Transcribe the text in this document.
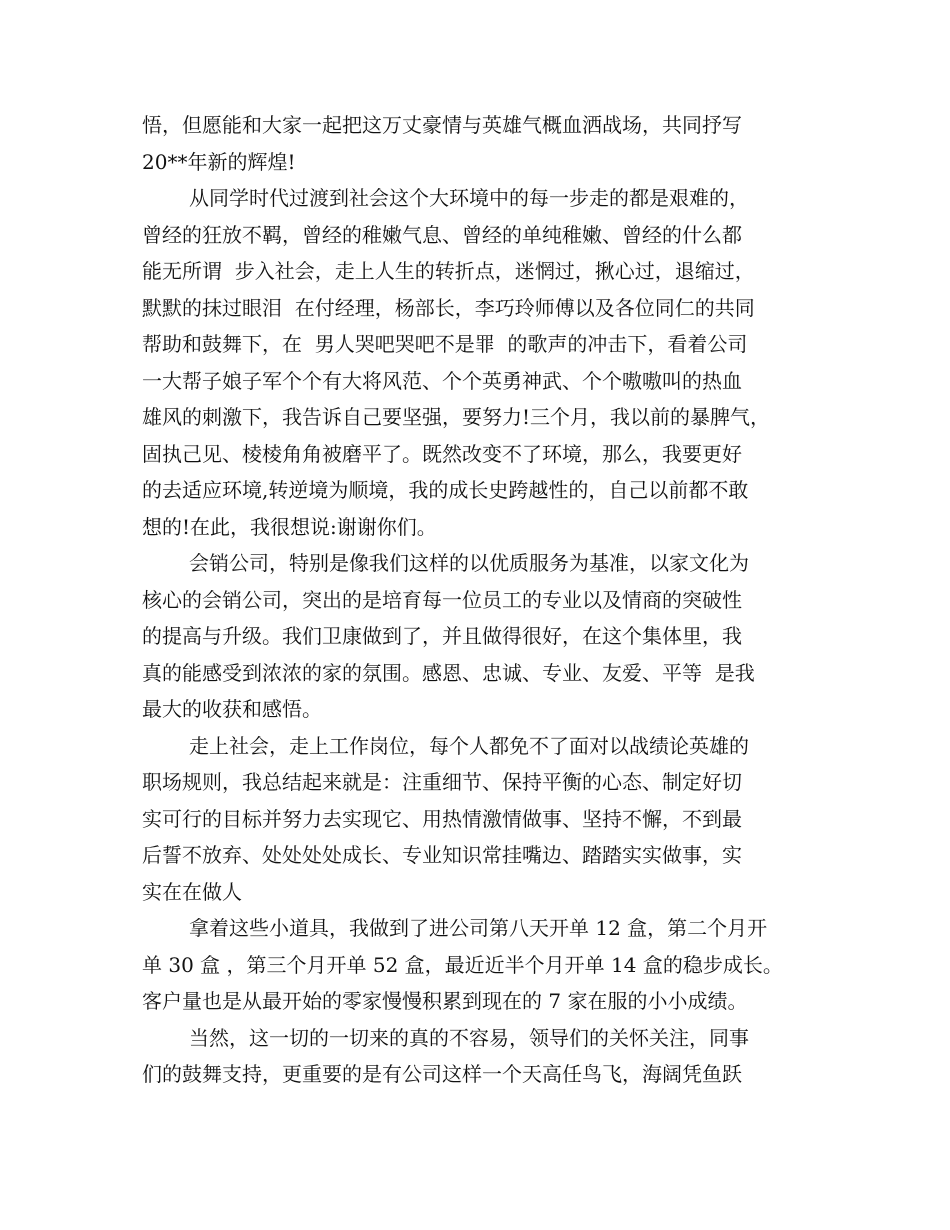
悟，但愿能和大家一起把这万丈豪情与英雄气概血洒战场，共同抒写
20**年新的辉煌!
从同学时代过渡到社会这个大环境中的每一步走的都是艰难的，
曾经的狂放不羁，曾经的稚嫩气息、曾经的单纯稚嫩、曾经的什么都
能无所谓  步入社会，走上人生的转折点，迷惘过，揪心过，退缩过，
默默的抹过眼泪  在付经理，杨部长，李巧玲师傅以及各位同仁的共同
帮助和鼓舞下，在  男人哭吧哭吧不是罪  的歌声的冲击下，看着公司
一大帮子娘子军个个有大将风范、个个英勇神武、个个嗷嗷叫的热血
雄风的刺激下，我告诉自己要坚强，要努力!三个月，我以前的暴脾气，
固执己见、棱棱角角被磨平了。既然改变不了环境，那么，我要更好
的去适应环境,转逆境为顺境，我的成长史跨越性的，自己以前都不敢
想的!在此，我很想说:谢谢你们。
会销公司，特别是像我们这样的以优质服务为基准，以家文化为
核心的会销公司，突出的是培育每一位员工的专业以及情商的突破性
的提高与升级。我们卫康做到了，并且做得很好，在这个集体里，我
真的能感受到浓浓的家的氛围。感恩、忠诚、专业、友爱、平等  是我
最大的收获和感悟。
走上社会，走上工作岗位，每个人都免不了面对以战绩论英雄的
职场规则，我总结起来就是：注重细节、保持平衡的心态、制定好切
实可行的目标并努力去实现它、用热情激情做事、坚持不懈，不到最
后誓不放弃、处处处处成长、专业知识常挂嘴边、踏踏实实做事，实
实在在做人
拿着这些小道具，我做到了进公司第八天开单 12 盒，第二个月开
单 30 盒 ，第三个月开单 52 盒，最近近半个月开单 14 盒的稳步成长。
客户量也是从最开始的零家慢慢积累到现在的 7 家在服的小小成绩。
当然，这一切的一切来的真的不容易，领导们的关怀关注，同事
们的鼓舞支持，更重要的是有公司这样一个天高任鸟飞，海阔凭鱼跃
